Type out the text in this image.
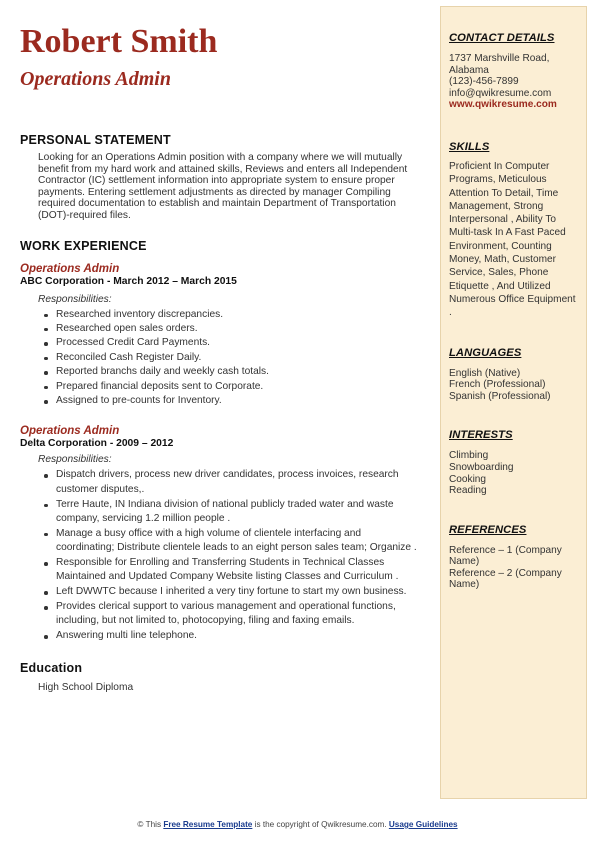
Robert Smith
Operations Admin
PERSONAL STATEMENT

Looking for an Operations Admin position with a company where we will mutually benefit from my hard work and attained skills, Reviews and enters all Independent Contractor (IC) settlement information into appropriate system to ensure proper payments. Entering settlement adjustments as directed by manager Compiling required documentation to establish and maintain Department of Transportation (DOT)-required files.

WORK EXPERIENCE

Operations Admin

ABC Corporation - March 2012 – March 2015

Responsibilities:

Researched inventory discrepancies.
Researched open sales orders.
Processed Credit Card Payments.
Reconciled Cash Register Daily.
Reported branchs daily and weekly cash totals.
Prepared financial deposits sent to Corporate.
Assigned to pre-counts for Inventory.

Operations Admin

Delta Corporation - 2009 – 2012

Responsibilities:

Dispatch drivers, process new driver candidates, process invoices, research customer disputes,.
Terre Haute, IN Indiana division of national publicly traded water and waste company, servicing 1.2 million people .
Manage a busy office with a high volume of clientele interfacing and coordinating; Distribute clientele leads to an eight person sales team; Organize .
Responsible for Enrolling and Transferring Students in Technical Classes Maintained and Updated Company Website listing Classes and Curriculum .
Left DWWTC because I inherited a very tiny fortune to start my own business.
Provides clerical support to various management and operational functions, including, but not limited to, photocopying, filing and faxing emails.
Answering multi line telephone.
Education

High School Diploma

CONTACT DETAILS

1737 Marshville Road,

Alabama

(123)-456-7899

info@qwikresume.com

www.qwikresume.com

SKILLS

Proficient In Computer Programs, Meticulous Attention To Detail, Time Management, Strong Interpersonal , Ability To Multi-task In A Fast Paced Environment, Counting Money, Math, Customer Service, Sales, Phone Etiquette , And Utilized Numerous Office Equipment .

LANGUAGES

English (Native)

French (Professional)

Spanish (Professional)

INTERESTS

Climbing

Snowboarding

Cooking

Reading

REFERENCES

Reference – 1 (Company Name)

Reference – 2 (Company Name)

© This Free Resume Template is the copyright of Qwikresume.com. Usage Guidelines
